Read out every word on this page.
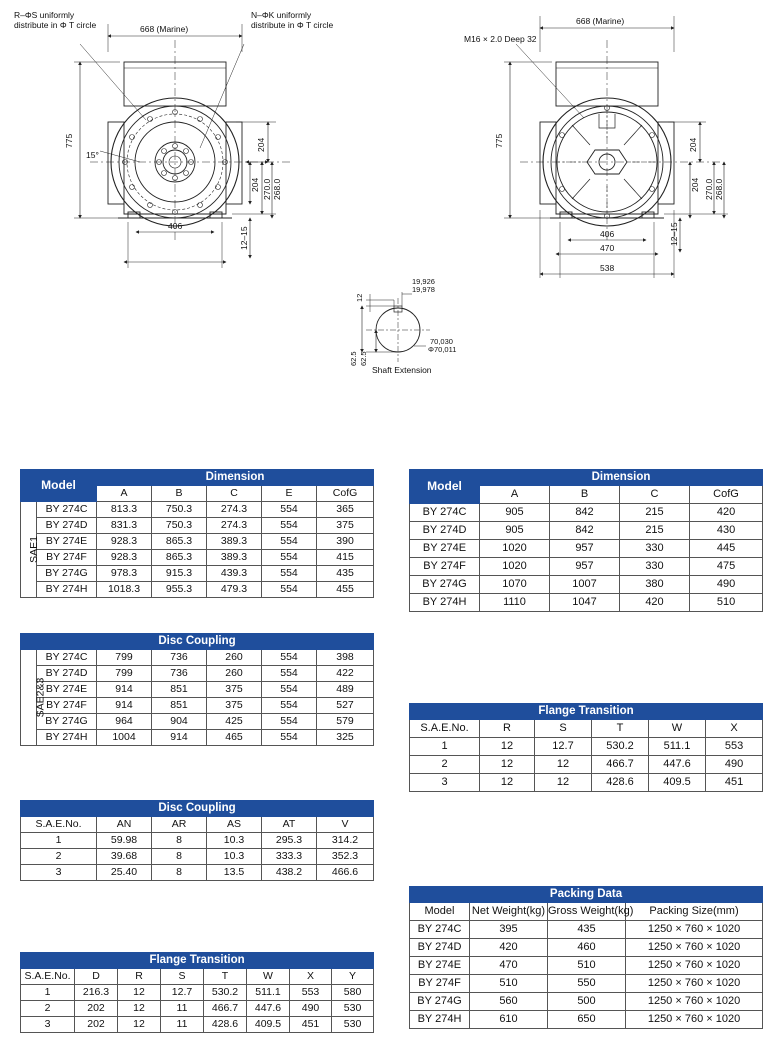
R–ΦS uniformly
distribute in Φ T circle
N–ΦK uniformly
distribute in Φ T circle
668 (Marine)
775
15°
204
204 270.0 268.0
406
12–15
M16 × 2.0 Deep 32
668 (Marine)
775	204
204 270.0 268.0
406
470
538
12–15
12
19,926
19,978
70,030
Φ70,011
62.5 62.5
Shaft Extension
Model		Dimension				
		A	B	C	E	CofG
SAE1	BY 274C	813.3	750.3	274.3	554	365
	BY 274D	831.3	750.3	274.3	554	375
	BY 274E	928.3	865.3	389.3	554	390
	BY 274F	928.3	865.3	389.3	554	415
	BY 274G	978.3	915.3	439.3	554	435
	BY 274H	1018.3	955.3	479.3	554	455
Model	Dimension			
	A	B	C	CofG
BY 274C	905	842	215	420
BY 274D	905	842	215	430
BY 274E	1020	957	330	445
BY 274F	1020	957	330	475
BY 274G	1070	1007	380	490
BY 274H	1110	1047	420	510
Disc Coupling						
SAE2&3	BY 274C	799	736	260	554	398
	BY 274D	799	736	260	554	422
	BY 274E	914	851	375	554	489
	BY 274F	914	851	375	554	527
	BY 274G	964	904	425	554	579
	BY 274H	1004	914	465	554	325
Flange Transition					
S.A.E.No.	R	S	T	W	X
1	12	12.7	530.2	511.1	553
2	12	12	466.7	447.6	490
3	12	12	428.6	409.5	451
Disc Coupling					
S.A.E.No.	AN	AR	AS	AT	V
1	59.98	8	10.3	295.3	314.2
2	39.68	8	10.3	333.3	352.3
3	25.40	8	13.5	438.2	466.6
Packing Data			
Model	Net Weight(kg)	Gross Weight(kg)	Packing Size(mm)
BY 274C	395	435	1250 × 760 × 1020
BY 274D	420	460	1250 × 760 × 1020
BY 274E	470	510	1250 × 760 × 1020
BY 274F	510	550	1250 × 760 × 1020
BY 274G	560	500	1250 × 760 × 1020
BY 274H	610	650	1250 × 760 × 1020
Flange Transition							
S.A.E.No.	D	R	S	T	W	X	Y
1	216.3	12	12.7	530.2	511.1	553	580
2	202	12	11	466.7	447.6	490	530
3	202	12	11	428.6	409.5	451	530
